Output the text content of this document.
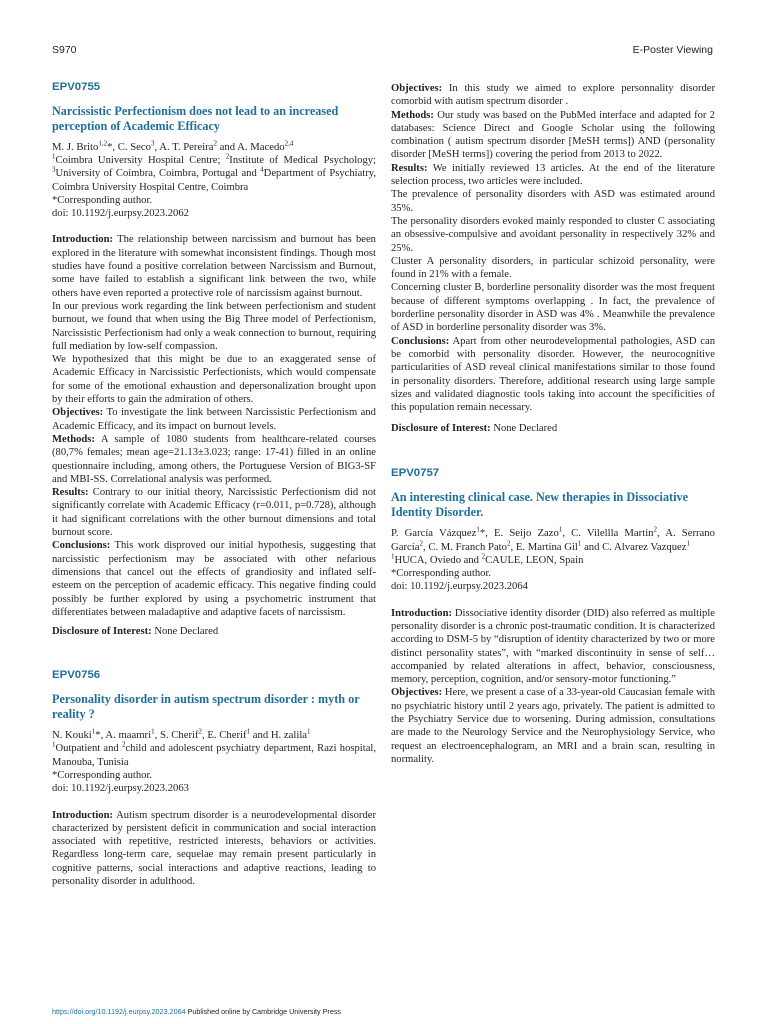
S970	E-Poster Viewing
EPV0755
Narcissistic Perfectionism does not lead to an increased perception of Academic Efficacy

M. J. Brito$^{1,2}$*, C. Seco$^3$, A. T. Pereira$^2$ and A. Macedo$^{2,4}$

$^1$Coimbra University Hospital Centre; $^2$Institute of Medical Psychology; $^3$University of Coimbra, Coimbra, Portugal and $^4$Department of Psychiatry, Coimbra University Hospital Centre, Coimbra

*Corresponding author.

doi: 10.1192/j.eurpsy.2023.2062

Introduction: The relationship between narcissism and burnout has been explored in the literature with somewhat inconsistent findings. Though most studies have found a positive correlation between Narcissism and Burnout, some have failed to establish a significant link between the two, while others have even reported a protective role of narcissism against burnout.

In our previous work regarding the link between perfectionism and student burnout, we found that when using the Big Three model of Perfectionism, Narcissistic Perfectionism had only a weak connection to burnout, requiring full mediation by low-self compassion.

We hypothesized that this might be due to an exaggerated sense of Academic Efficacy in Narcissistic Perfectionists, which would compensate for some of the emotional exhaustion and depersonalization brought upon by their efforts to gain the admiration of others.

Objectives: To investigate the link between Narcissistic Perfectionism and Academic Efficacy, and its impact on burnout levels.

Methods: A sample of 1080 students from healthcare-related courses (80,7% females; mean age=21.13±3.023; range: 17-41) filled in an online questionnaire including, among others, the Portuguese Version of BIG3-SF and MBI-SS. Correlational analysis was performed.

Results: Contrary to our initial theory, Narcissistic Perfectionism did not significantly correlate with Academic Efficacy (r=0.011, p=0.728), although it had significant correlations with the other burnout dimensions and total burnout score.

Conclusions: This work disproved our initial hypothesis, suggesting that narcissistic perfectionism may be associated with other nefarious dimensions that cancel out the effects of grandiosity and inflated self-esteem on the perception of academic efficacy. This negative finding could possibly be further explored by using a psychometric instrument that differentiates between maladaptive and adaptive facets of narcissism.

Disclosure of Interest: None Declared

EPV0756
Personality disorder in autism spectrum disorder : myth or reality ?

N. Kouki$^1$*, A. maamri$^1$, S. Cherif$^2$, E. Cherif$^1$ and H. zalila$^1$

$^1$Outpatient and $^2$child and adolescent psychiatry department, Razi hospital, Manouba, Tunisia

*Corresponding author.

doi: 10.1192/j.eurpsy.2023.2063

Introduction: Autism spectrum disorder is a neurodevelopmental disorder characterized by persistent deficit in communication and social interaction associated with repetitive, restricted interests, behaviors or activities. Regardless long-term care, sequelae may remain present particularly in cognitive patterns, social interactions and adaptive reactions, leading to personality disorder in adulthood.

Objectives: In this study we aimed to explore personnality disorder comorbid with autism spectrum disorder .

Methods: Our study was based on the PubMed interface and adapted for 2 databases: Science Direct and Google Scholar using the following combination ( autism spectrum disorder [MeSH terms]) AND (personality disorder [MeSH terms]) covering the period from 2013 to 2022.

Results: We initially reviewed 13 articles. At the end of the literature selection process, two articles were included.

The prevalence of personality disorders with ASD was estimated around 35%.

The personality disorders evoked mainly responded to cluster C associating an obsessive-compulsive and avoidant personality in respectively 32% and 25%.

Cluster A personality disorders, in particular schizoid personality, were found in 21% with a female.

Concerning cluster B, borderline personality disorder was the most frequent because of different symptoms overlapping . In fact, the prevalence of borderline personality disorder in ASD was 4% . Meanwhile the prevalence of ASD in borderline personality disorder was 3%.

Conclusions: Apart from other neurodevelopmental pathologies, ASD can be comorbid with personality disorder. However, the neurocognitive particularities of ASD reveal clinical manifestations similar to those found in personality disorders. Therefore, additional research using large sample sizes and validated diagnostic tools taking into account the specificities of this population remain necessary.

Disclosure of Interest: None Declared

EPV0757
An interesting clinical case. New therapies in Dissociative Identity Disorder.

P. García Vázquez$^1$*, E. Seijo Zazo$^1$, C. Vilellla Martin$^2$, A. Serrano García$^2$, C. M. Franch Pato$^2$, E. Martína Gil$^1$ and C. Alvarez Vazquez$^1$

$^1$HUCA, Oviedo and $^2$CAULE, LEON, Spain

*Corresponding author.

doi: 10.1192/j.eurpsy.2023.2064

Introduction: Dissociative identity disorder (DID) also referred as multiple personality disorder is a chronic post-traumatic condition. It is characterized according to DSM-5 by “disruption of identity characterized by two or more distinct personality states”, with “marked discontinuity in sense of self… accompanied by related alterations in affect, behavior, consciousness, memory, perception, cognition, and/or sensory-motor functioning.”

Objectives: Here, we present a case of a 33-year-old Caucasian female with no psychiatric history until 2 years ago, privately. The patient is admitted to the Psychiatry Service due to worsening. During admission, consultations are made to the Neurology Service and the Neurophysiology Service, who request an electroencephalogram, an MRI and a brain scan, resulting in normality.

https://doi.org/10.1192/j.eurpsy.2023.2064 Published online by Cambridge University Press
